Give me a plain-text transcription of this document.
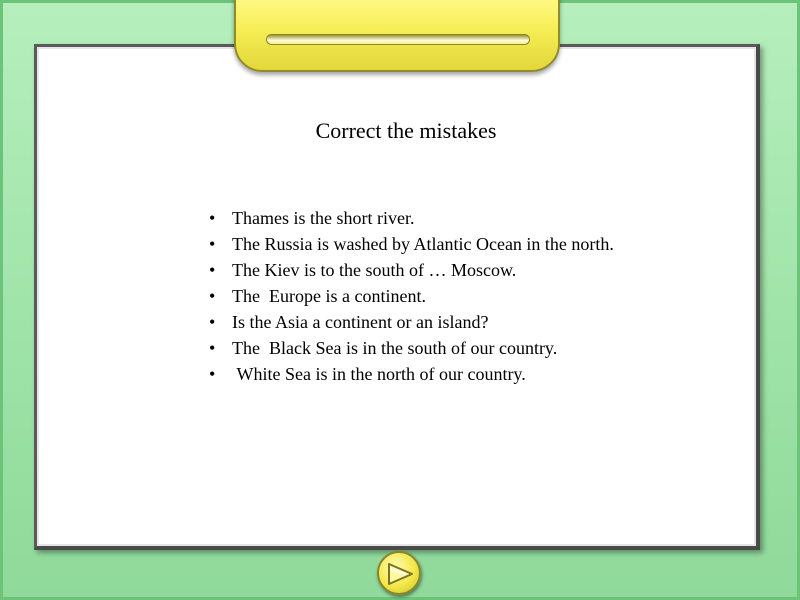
Correct the mistakes
• Thames is the short river.
• The Russia is washed by Atlantic Ocean in the north.
• The Kiev is to the south of … Moscow.
• The  Europe is a continent.
• Is the Asia a continent or an island?
• The  Black Sea is in the south of our country.
• White Sea is in the north of our country.
